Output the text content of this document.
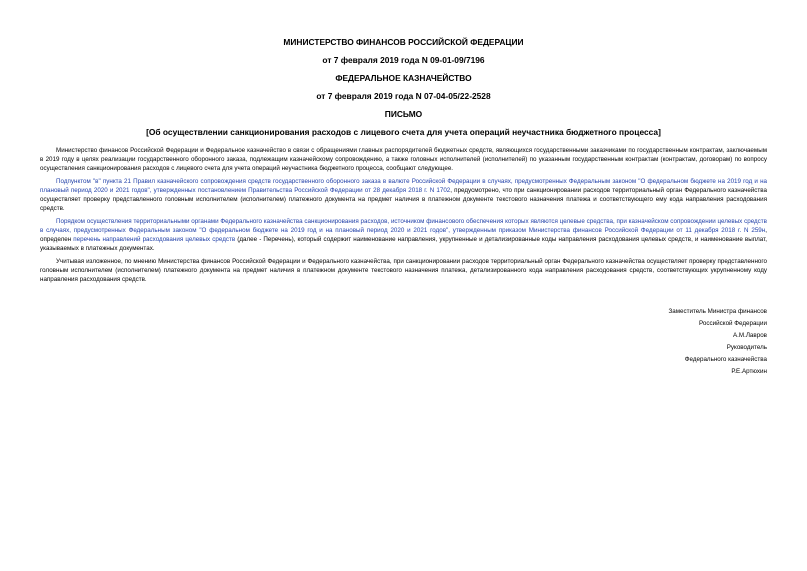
МИНИСТЕРСТВО ФИНАНСОВ РОССИЙСКОЙ ФЕДЕРАЦИИ

от 7 февраля 2019 года N 09-01-09/7196

ФЕДЕРАЛЬНОЕ КАЗНАЧЕЙСТВО

от 7 февраля 2019 года N 07-04-05/22-2528

ПИСЬМО

[Об осуществлении санкционирования расходов с лицевого счета для учета операций неучастника бюджетного процесса]

Министерство финансов Российской Федерации и Федеральное казначейство в связи с обращениями главных распорядителей бюджетных средств, являющихся государственными заказчиками по государственным контрактам, заключаемым в 2019 году в целях реализации государственного оборонного заказа, подлежащим казначейскому сопровождению, а также головных исполнителей (исполнителей) по указанным государственным контрактам (контрактам, договорам) по вопросу осуществления санкционирования расходов с лицевого счета для учета операций неучастника бюджетного процесса, сообщают следующее.

Подпунктом "в" пункта 21 Правил казначейского сопровождения средств государственного оборонного заказа в валюте Российской Федерации в случаях, предусмотренных Федеральным законом "О федеральном бюджете на 2019 год и на плановый период 2020 и 2021 годов", утвержденных постановлением Правительства Российской Федерации от 28 декабря 2018 г. N 1702, предусмотрено, что при санкционировании расходов территориальный орган Федерального казначейства осуществляет проверку представленного головным исполнителем (исполнителем) платежного документа на предмет наличия в платежном документе текстового назначения платежа и соответствующего ему кода направления расходования средств.

Порядком осуществления территориальными органами Федерального казначейства санкционирования расходов, источником финансового обеспечения которых являются целевые средства, при казначейском сопровождении целевых средств в случаях, предусмотренных Федеральным законом "О федеральном бюджете на 2019 год и на плановый период 2020 и 2021 годов", утвержденным приказом Министерства финансов Российской Федерации от 11 декабря 2018 г. N 259н, определен перечень направлений расходования целевых средств (далее - Перечень), который содержит наименование направления, укрупненные и детализированные коды направления расходования целевых средств, и наименование выплат, указываемых в платежных документах.

Учитывая изложенное, по мнению Министерства финансов Российской Федерации и Федерального казначейства, при санкционировании расходов территориальный орган Федерального казначейства осуществляет проверку представленного головным исполнителем (исполнителем) платежного документа на предмет наличия в платежном документе текстового назначения платежа, детализированного кода направления расходования средств, соответствующих укрупненному коду направления расходования средств.

Заместитель Министра финансов
Российской Федерации
А.М.Лавров
Руководитель
Федерального казначейства
Р.Е.Артюхин
